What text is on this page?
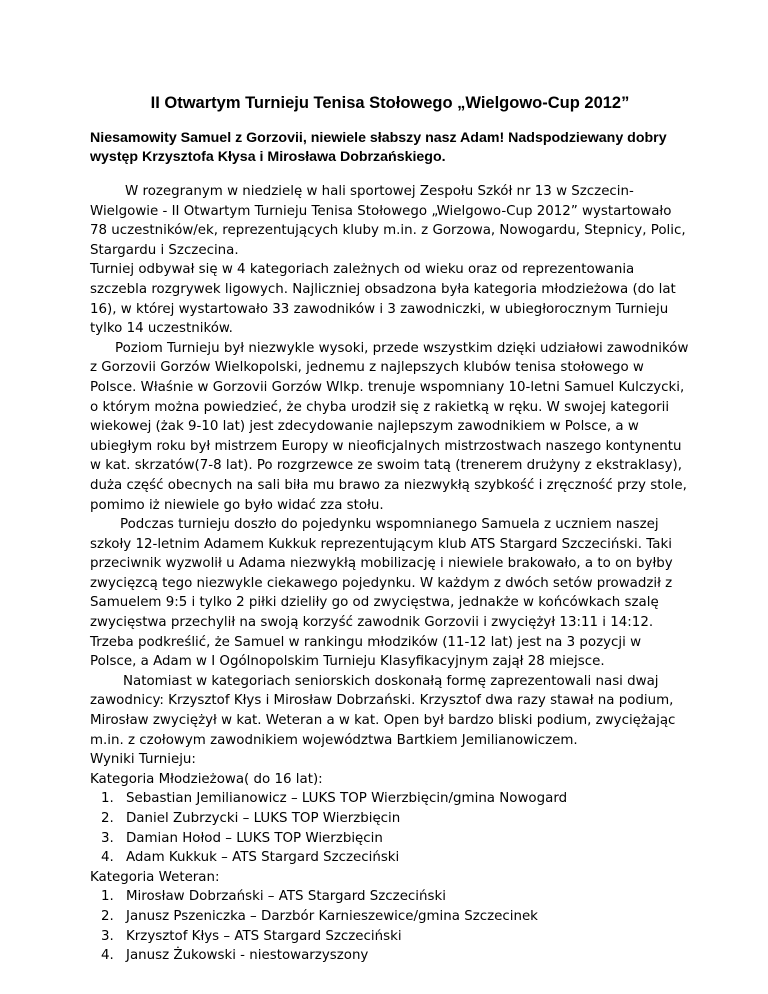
II Otwartym Turnieju Tenisa Stołowego „Wielgowo-Cup 2012”

Niesamowity Samuel z Gorzovii, niewiele słabszy nasz Adam! Nadspodziewany dobry występ Krzysztofa Kłysa i Mirosława Dobrzańskiego.

W rozegranym w niedzielę w hali sportowej Zespołu Szkół nr 13 w Szczecin-Wielgowie - II Otwartym Turnieju Tenisa Stołowego „Wielgowo-Cup 2012” wystartowało 78 uczestników/ek, reprezentujących kluby m.in. z Gorzowa, Nowogardu, Stepnicy, Polic, Stargardu i Szczecina.

Turniej odbywał się w 4 kategoriach zależnych od wieku oraz od reprezentowania szczebla rozgrywek ligowych. Najliczniej obsadzona była kategoria młodzieżowa (do lat 16), w której wystartowało 33 zawodników i 3 zawodniczki, w ubiegłorocznym Turnieju tylko 14 uczestników.

Poziom Turnieju był niezwykle wysoki, przede wszystkim dzięki udziałowi zawodników z Gorzovii Gorzów Wielkopolski, jednemu z najlepszych klubów tenisa stołowego w Polsce. Właśnie w Gorzovii Gorzów Wlkp. trenuje wspomniany 10-letni Samuel Kulczycki, o którym można powiedzieć, że chyba urodził się z rakietką w ręku. W swojej kategorii wiekowej (żak 9-10 lat) jest zdecydowanie najlepszym zawodnikiem w Polsce, a w ubiegłym roku był mistrzem Europy w nieoficjalnych mistrzostwach naszego kontynentu w kat. skrzatów(7-8 lat). Po rozgrzewce ze swoim tatą (trenerem drużyny z ekstraklasy), duża część obecnych na sali biła mu brawo za niezwykłą szybkość i zręczność przy stole, pomimo iż niewiele go było widać zza stołu.

Podczas turnieju doszło do pojedynku wspomnianego Samuela z uczniem naszej szkoły 12-letnim Adamem Kukkuk reprezentującym klub ATS Stargard Szczeciński. Taki przeciwnik wyzwolił u Adama niezwykłą mobilizację i niewiele brakowało, a to on byłby zwycięzcą tego niezwykle ciekawego pojedynku. W każdym z dwóch setów prowadził z Samuelem 9:5 i tylko 2 piłki dzieliły go od zwycięstwa, jednakże w końcówkach szalę zwycięstwa przechylił na swoją korzyść zawodnik Gorzovii i zwyciężył 13:11 i 14:12.

Trzeba podkreślić, że Samuel w rankingu młodzików (11-12 lat) jest na 3 pozycji w Polsce, a Adam w I Ogólnopolskim Turnieju Klasyfikacyjnym zajął 28 miejsce.

Natomiast w kategoriach seniorskich doskonałą formę zaprezentowali nasi dwaj zawodnicy: Krzysztof Kłys i Mirosław Dobrzański. Krzysztof dwa razy stawał na podium, Mirosław zwyciężył w kat. Weteran a w kat. Open był bardzo bliski podium, zwyciężając m.in. z czołowym zawodnikiem województwa Bartkiem Jemilianowiczem.

Wyniki Turnieju:

Kategoria Młodzieżowa( do 16 lat):

1. Sebastian Jemilianowicz – LUKS TOP Wierzbięcin/gmina Nowogard
2. Daniel Zubrzycki – LUKS TOP Wierzbięcin
3. Damian Hołod – LUKS TOP Wierzbięcin
4. Adam Kukkuk – ATS Stargard Szczeciński

Kategoria Weteran:

1. Mirosław Dobrzański – ATS Stargard Szczeciński
2. Janusz Pszeniczka – Darzbór Karnieszewice/gmina Szczecinek
3. Krzysztof Kłys – ATS Stargard Szczeciński
4. Janusz Żukowski - niestowarzyszony
